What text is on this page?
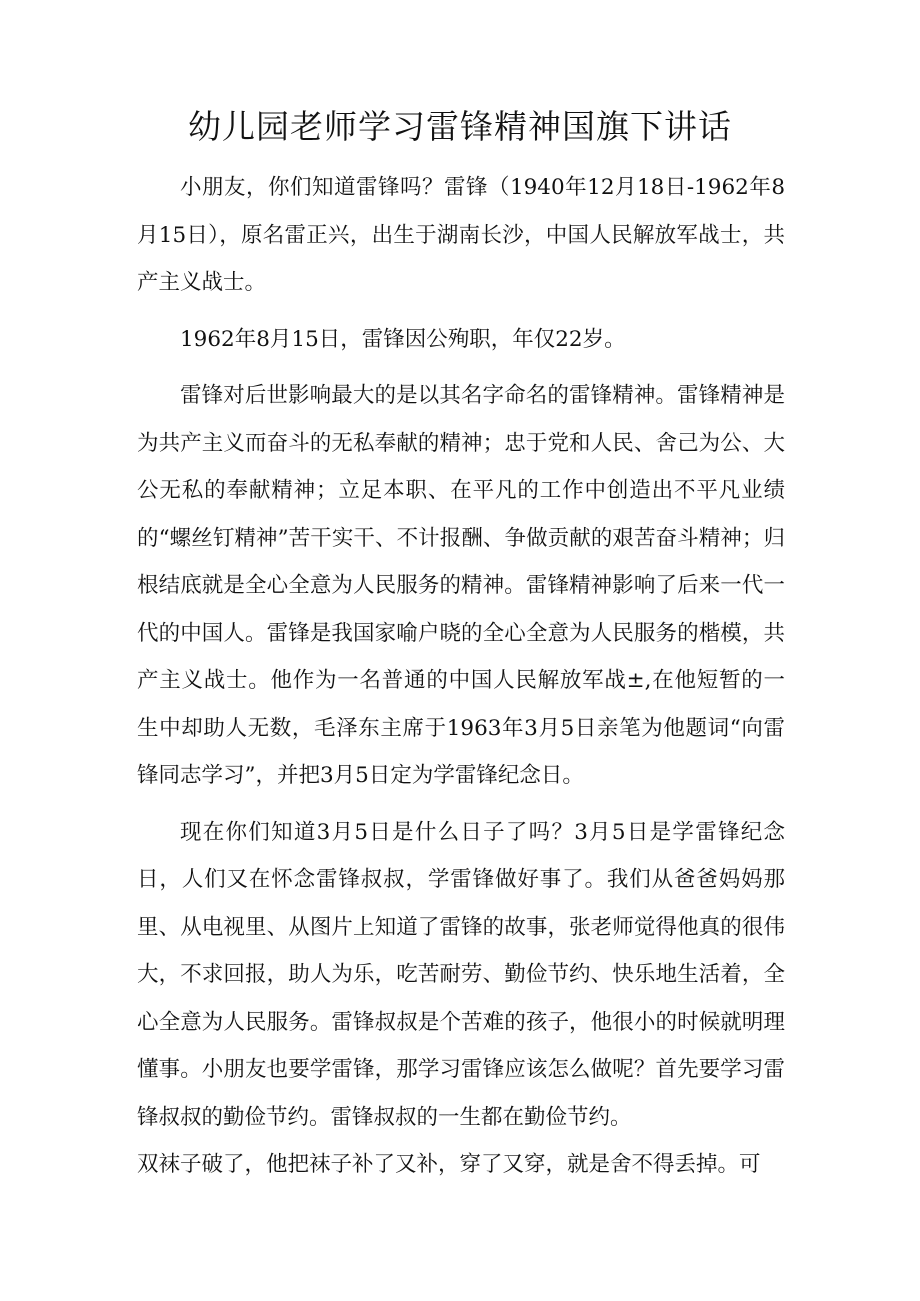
幼儿园老师学习雷锋精神国旗下讲话

小朋友，你们知道雷锋吗？雷锋（1940年12月18日-1962年8月15日），原名雷正兴，出生于湖南长沙，中国人民解放军战士，共产主义战士。

1962年8月15日，雷锋因公殉职，年仅22岁。

雷锋对后世影响最大的是以其名字命名的雷锋精神。雷锋精神是为共产主义而奋斗的无私奉献的精神；忠于党和人民、舍己为公、大公无私的奉献精神；立足本职、在平凡的工作中创造出不平凡业绩的“螺丝钉精神”苦干实干、不计报酬、争做贡献的艰苦奋斗精神；归根结底就是全心全意为人民服务的精神。雷锋精神影响了后来一代一代的中国人。雷锋是我国家喻户晓的全心全意为人民服务的楷模，共产主义战士。他作为一名普通的中国人民解放军战±,在他短暂的一生中却助人无数，毛泽东主席于1963年3月5日亲笔为他题词“向雷锋同志学习”，并把3月5日定为学雷锋纪念日。

现在你们知道3月5日是什么日子了吗？3月5日是学雷锋纪念日，人们又在怀念雷锋叔叔，学雷锋做好事了。我们从爸爸妈妈那里、从电视里、从图片上知道了雷锋的故事，张老师觉得他真的很伟大，不求回报，助人为乐，吃苦耐劳、勤俭节约、快乐地生活着，全心全意为人民服务。雷锋叔叔是个苦难的孩子，他很小的时候就明理懂事。小朋友也要学雷锋，那学习雷锋应该怎么做呢？首先要学习雷锋叔叔的勤俭节约。雷锋叔叔的一生都在勤俭节约。

双袜子破了，他把袜子补了又补，穿了又穿，就是舍不得丢掉。可
